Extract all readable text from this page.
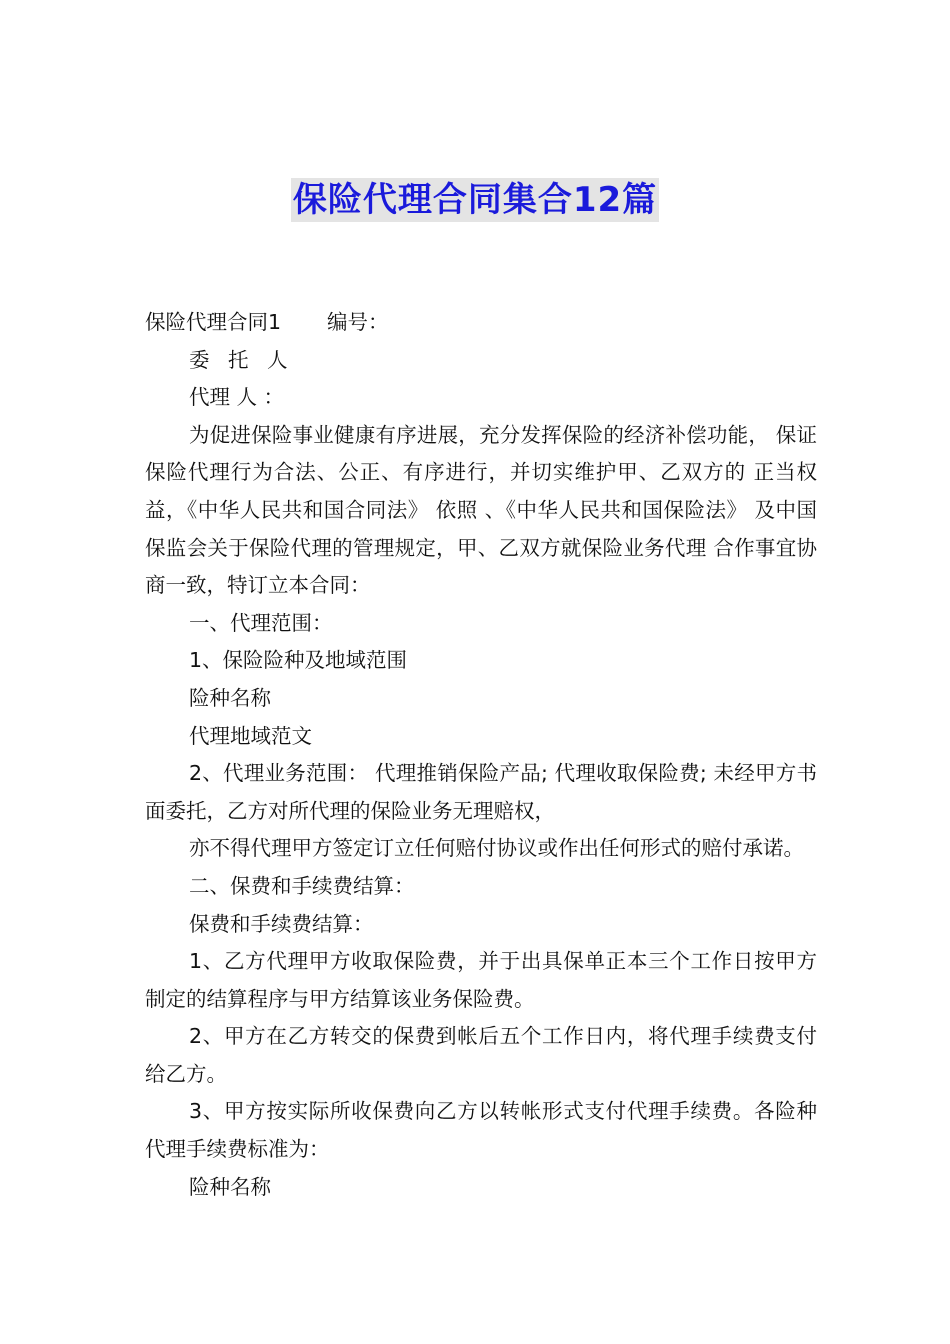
保险代理合同集合12篇
保险代理合同1 编号：

委 托 人

代理 人 ：

为促进保险事业健康有序进展，充分发挥保险的经济补偿功能， 保证保险代理行为合法、公正、有序进行，并切实维护甲、乙双方的 正当权益，《中华人民共和国合同法》 依照 、《中华人民共和国保险法》 及中国保监会关于保险代理的管理规定，甲、乙双方就保险业务代理 合作事宜协商一致，特订立本合同：

一、代理范围：

1、保险险种及地域范围

险种名称

代理地域范文

2、代理业务范围： 代理推销保险产品; 代理收取保险费; 未经甲方书面委托，乙方对所代理的保险业务无理赔权，

亦不得代理甲方签定订立任何赔付协议或作出任何形式的赔付承诺。

二、保费和手续费结算：

保费和手续费结算：

1、乙方代理甲方收取保险费，并于出具保单正本三个工作日按甲方制定的结算程序与甲方结算该业务保险费。

2、甲方在乙方转交的保费到帐后五个工作日内，将代理手续费支付给乙方。

3、甲方按实际所收保费向乙方以转帐形式支付代理手续费。各险种代理手续费标准为：

险种名称
